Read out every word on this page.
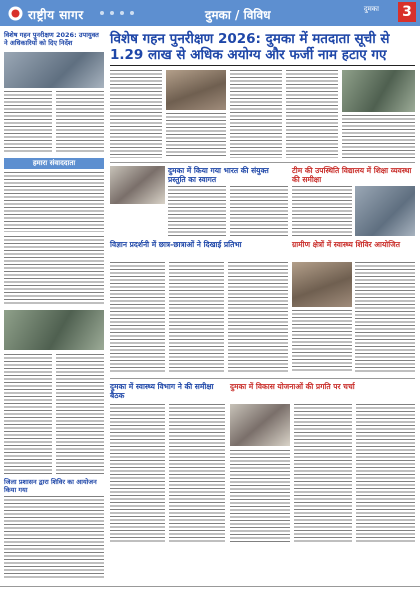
राष्ट्रीय सागर	दुमका / विविध	दुमका 3
विशेष गहन पुनरीक्षण 2026: उपायुक्त ने अधिकारियों को दिए निर्देश	विशेष गहन पुनरीक्षण 2026: दुमका में मतदाता सूची से 1.29 लाख से अधिक अयोग्य और फर्जी नाम हटाए गए
हमारा संवाददाता
दुमका में किया गया भारत की संयुक्त प्रस्तुति का स्वागत
टीम की उपस्थिति विद्यालय में शिक्षा व्यवस्था की समीक्षा
विज्ञान प्रदर्शनी में छात्र-छात्राओं ने दिखाई प्रतिभा	ग्रामीण क्षेत्रों में स्वास्थ्य शिविर आयोजित
दुमका में स्वास्थ्य विभाग ने की समीक्षा बैठक
दुमका में विकास योजनाओं की प्रगति पर चर्चा
जिला प्रशासन द्वारा शिविर का आयोजन किया गया
